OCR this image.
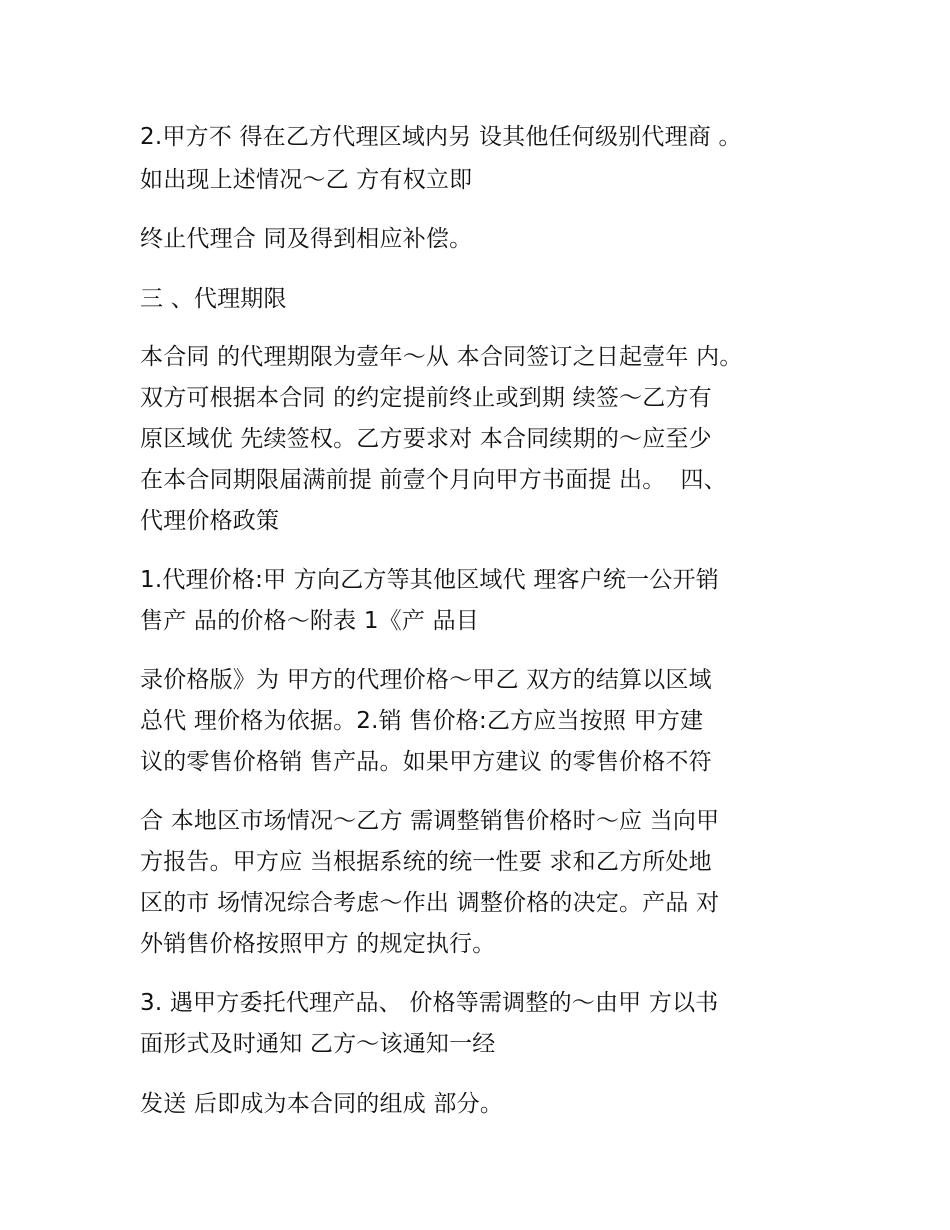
2.甲方不 得在乙方代理区域内另 设其他任何级别代理商 。
如出现上述情况～乙 方有权立即
终止代理合 同及得到相应补偿。
三 、代理期限
本合同 的代理期限为壹年～从 本合同签订之日起壹年 内。
双方可根据本合同 的约定提前终止或到期 续签～乙方有
原区域优 先续签权。乙方要求对 本合同续期的～应至少
在本合同期限届满前提 前壹个月向甲方书面提 出。  四、
代理价格政策
1.代理价格:甲 方向乙方等其他区域代 理客户统一公开销
售产 品的价格～附表 1《产 品目
录价格版》为 甲方的代理价格～甲乙 双方的结算以区域
总代 理价格为依据。2.销 售价格:乙方应当按照 甲方建
议的零售价格销 售产品。如果甲方建议 的零售价格不符
合 本地区市场情况～乙方 需调整销售价格时～应 当向甲
方报告。甲方应 当根据系统的统一性要 求和乙方所处地
区的市 场情况综合考虑～作出 调整价格的决定。产品 对
外销售价格按照甲方 的规定执行。
3. 遇甲方委托代理产品、 价格等需调整的～由甲 方以书
面形式及时通知 乙方～该通知一经
发送 后即成为本合同的组成 部分。
